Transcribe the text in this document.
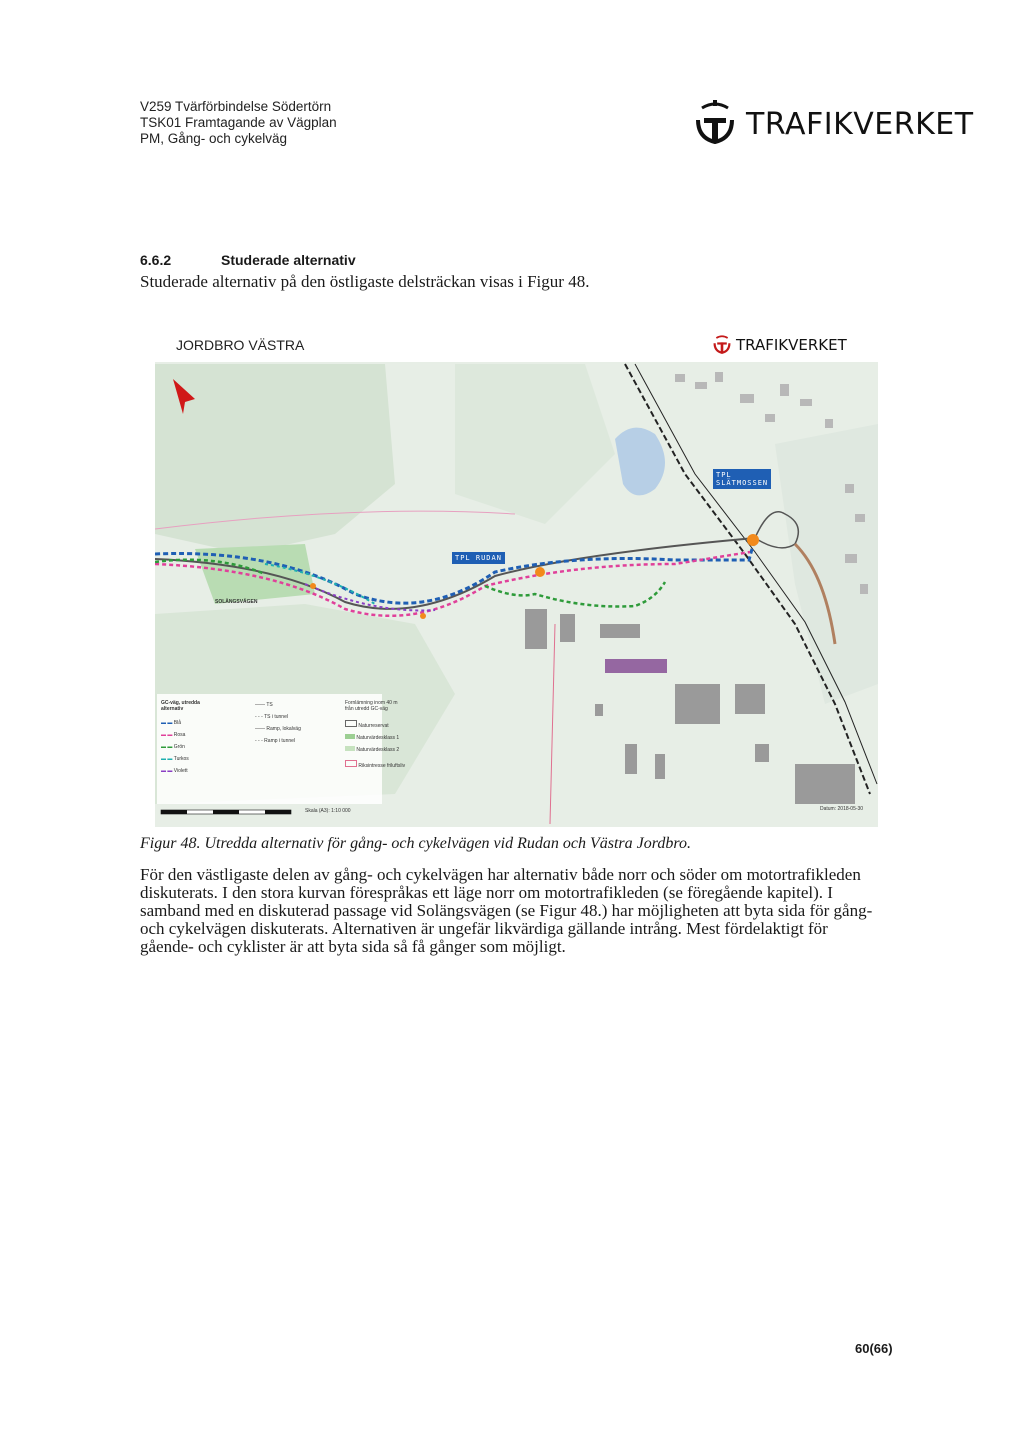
V259 Tvärförbindelse Södertörn
TSK01 Framtagande av Vägplan
PM, Gång- och cykelväg	TRAFIKVERKET
6.6.2	Studerade alternativ
Studerade alternativ på den östligaste delsträckan visas i Figur 48.
TPL RUDAN
TPL
SLÄTMOSSEN
SOLÄNGSVÄGEN
GC-väg, utredda
alternativ
▬ ▬ Blå
▬ ▬ Rosa
▬ ▬ Grön
▬ ▬ Turkos
▬ ▬ Violett
—— TS
- - - TS i tunnel
—— Ramp, lokalväg
- - - Ramp i tunnel
Fornlämning inom 40 m från utredd GC-väg
Naturreservat
Naturvärdesklass 1
Naturvärdesklass 2
Riksintresse friluftsliv
Skala (A3): 1:10 000	Datum: 2018-05-30
JORDBRO VÄSTRA	TRAFIKVERKET
Figur 48. Utredda alternativ för gång- och cykelvägen vid Rudan och Västra Jordbro.
För den västligaste delen av gång- och cykelvägen har alternativ både norr och söder om motortrafikleden diskuterats. I den stora kurvan förespråkas ett läge norr om motortrafikleden (se föregående kapitel). I samband med en diskuterad passage vid Solängsvägen (se Figur 48.) har möjligheten att byta sida för gång- och cykelvägen diskuterats. Alternativen är ungefär likvärdiga gällande intrång. Mest fördelaktigt för gående- och cyklister är att byta sida så få gånger som möjligt.
60(66)
